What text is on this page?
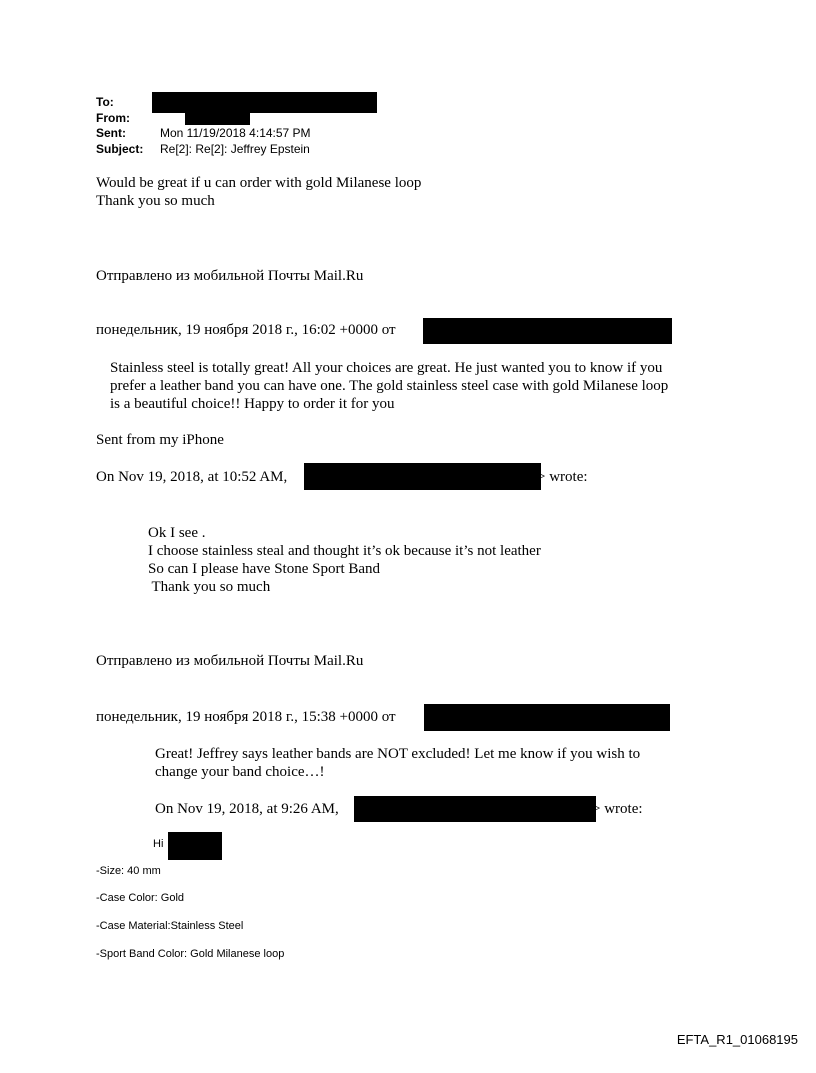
To:
From:
Sent:	Mon 11/19/2018 4:14:57 PM
Subject: Re[2]: Re[2]: Jeffrey Epstein
Would be great if u can order with gold Milanese loop
Thank you so much
Отправлено из мобильной Почты Mail.Ru
понедельник, 19 ноября 2018 г., 16:02 +0000 от
Stainless steel is totally great! All your choices are great. He just wanted you to know if you
prefer a leather band you can have one. The gold stainless steel case with gold Milanese loop
is a beautiful choice!! Happy to order it for you
Sent from my iPhone
On Nov 19, 2018, at 10:52 AM,	> wrote:
Ok I see .
I choose stainless steal and thought it’s ok because it’s not leather
So can I please have Stone Sport Band
Thank you so much
Отправлено из мобильной Почты Mail.Ru
понедельник, 19 ноября 2018 г., 15:38 +0000 от
Great! Jeffrey says leather bands are NOT excluded! Let me know if you wish to
change your band choice…!
On Nov 19, 2018, at 9:26 AM,	> wrote:
Hi
-Size: 40 mm
-Case Color: Gold
-Case Material:Stainless Steel
-Sport Band Color: Gold Milanese loop
EFTA_R1_01068195
